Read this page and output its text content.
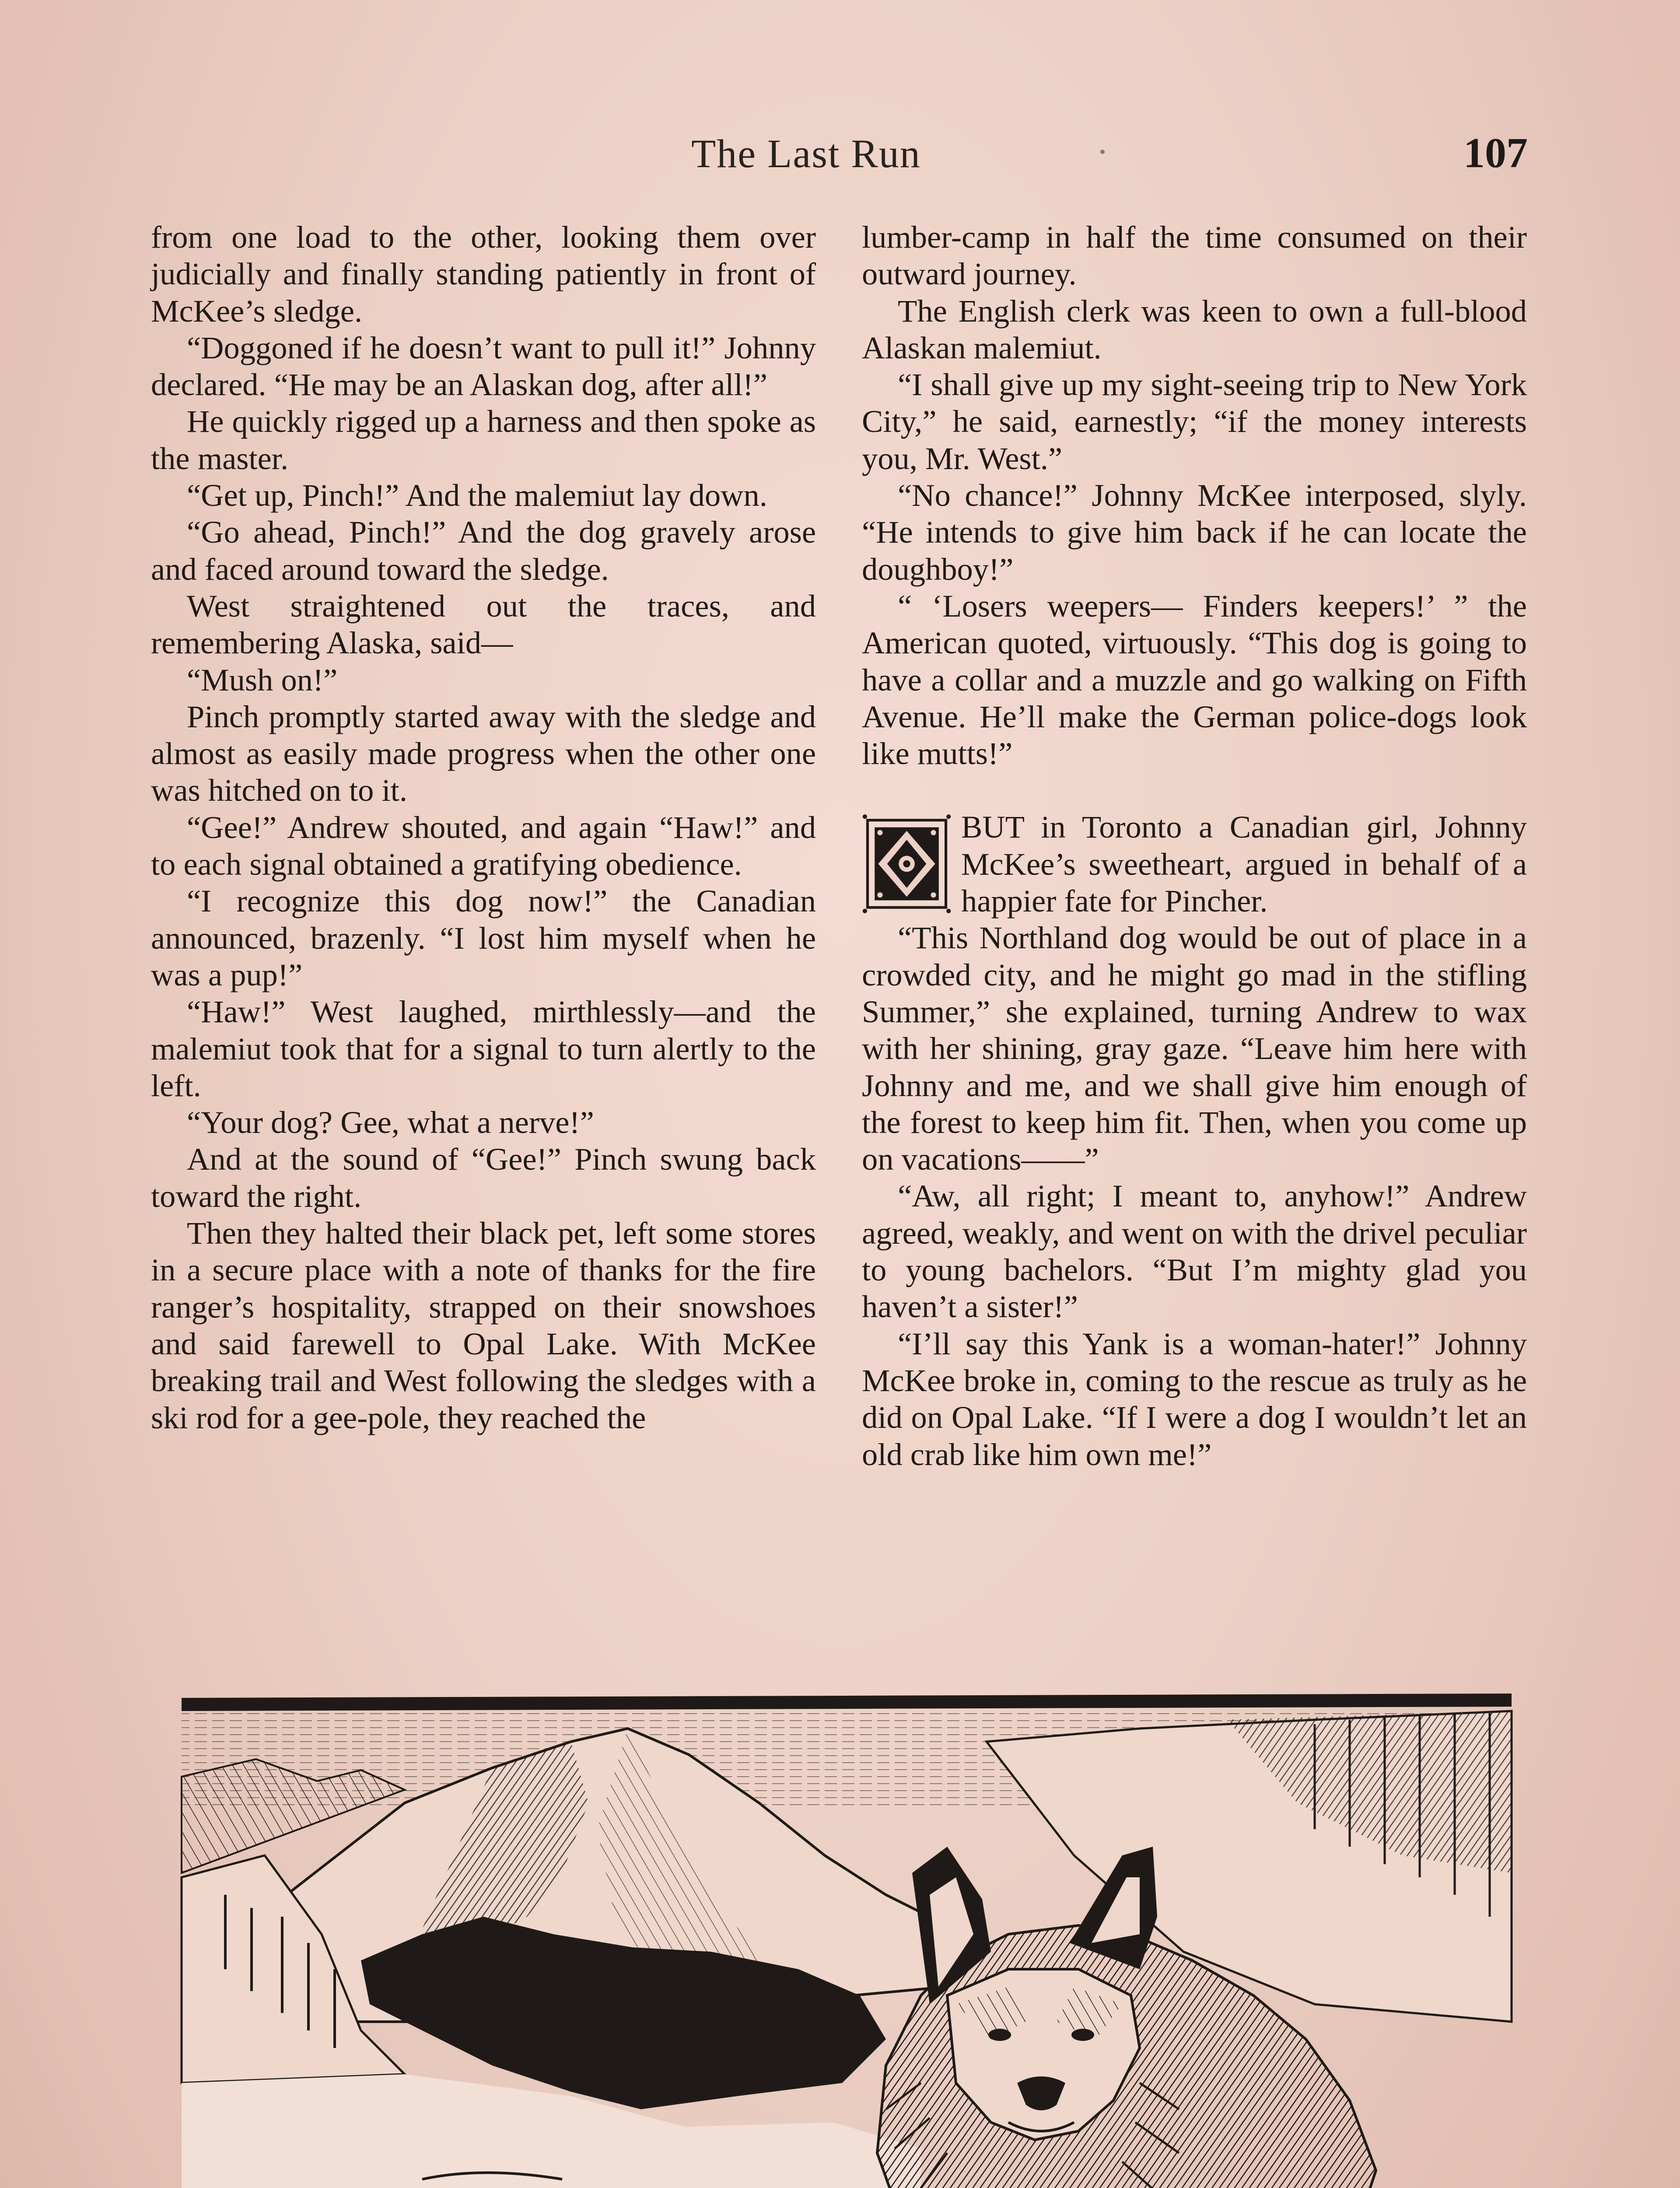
The Last Run	107

from one load to the other, looking them over judicially and finally standing patiently in front of McKee’s sledge.

“Doggoned if he doesn’t want to pull it!” Johnny declared. “He may be an Alaskan dog, after all!”

He quickly rigged up a harness and then spoke as the master.

“Get up, Pinch!” And the malemiut lay down.

“Go ahead, Pinch!” And the dog gravely arose and faced around toward the sledge.

West straightened out the traces, and remembering Alaska, said—

“Mush on!”

Pinch promptly started away with the sledge and almost as easily made progress when the other one was hitched on to it.

“Gee!” Andrew shouted, and again “Haw!” and to each signal obtained a gratifying obedience.

“I recognize this dog now!” the Canadian announced, brazenly. “I lost him myself when he was a pup!”

“Haw!” West laughed, mirthlessly—and the malemiut took that for a signal to turn alertly to the left.

“Your dog? Gee, what a nerve!”

And at the sound of “Gee!” Pinch swung back toward the right.

Then they halted their black pet, left some stores in a secure place with a note of thanks for the fire ranger’s hospitality, strapped on their snowshoes and said farewell to Opal Lake. With McKee breaking trail and West following the sledges with a ski rod for a gee-pole, they reached the

lumber-camp in half the time consumed on their outward journey.

The English clerk was keen to own a full-blood Alaskan malemiut.

“I shall give up my sight-seeing trip to New York City,” he said, earnestly; “if the money interests you, Mr. West.”

“No chance!” Johnny McKee interposed, slyly. “He intends to give him back if he can locate the doughboy!”

“ ‘Losers weepers— Finders keepers!’ ” the American quoted, virtuously. “This dog is going to have a collar and a muzzle and go walking on Fifth Avenue. He’ll make the German police-dogs look like mutts!”

BUT in Toronto a Canadian girl, Johnny McKee’s sweetheart, argued in behalf of a happier fate for Pincher.

“This Northland dog would be out of place in a crowded city, and he might go mad in the stifling Summer,” she explained, turning Andrew to wax with her shining, gray gaze. “Leave him here with Johnny and me, and we shall give him enough of the forest to keep him fit. Then, when you come up on vacations——”

“Aw, all right; I meant to, anyhow!” Andrew agreed, weakly, and went on with the drivel peculiar to young bachelors. “But I’m mighty glad you haven’t a sister!”

“I’ll say this Yank is a woman-hater!” Johnny McKee broke in, coming to the rescue as truly as he did on Opal Lake. “If I were a dog I wouldn’t let an old crab like him own me!”
